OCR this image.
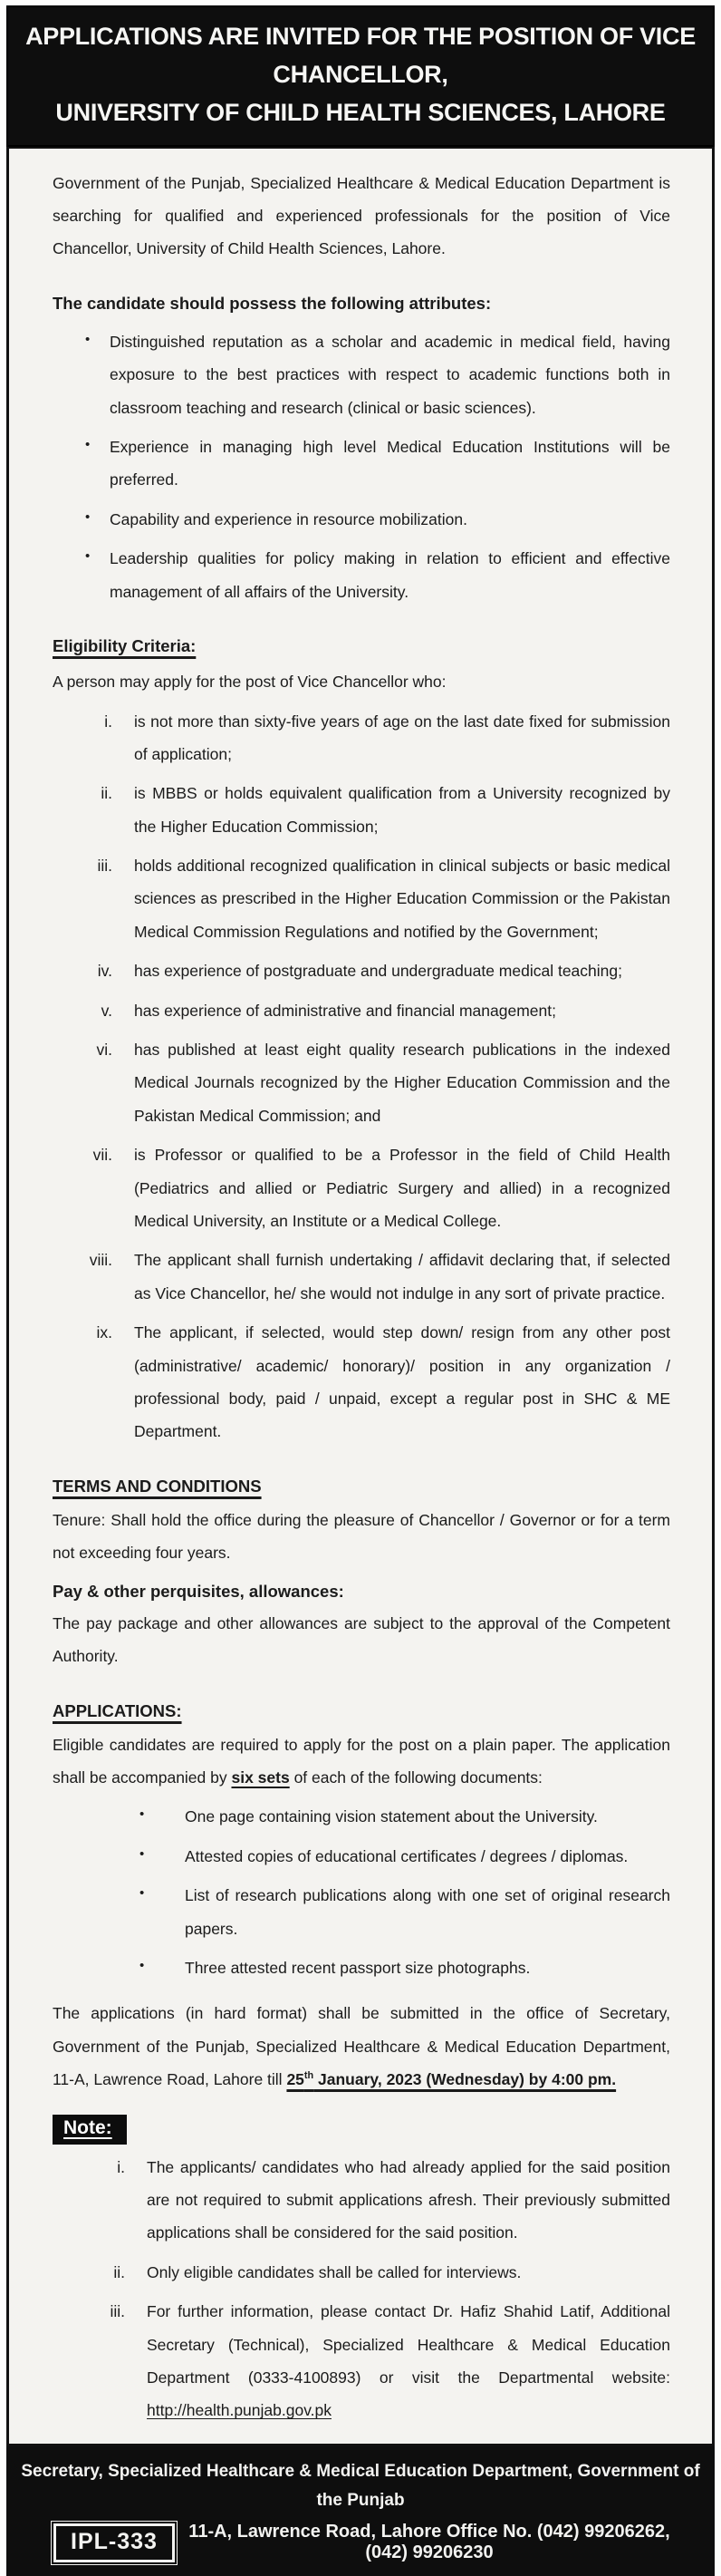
APPLICATIONS ARE INVITED FOR THE POSITION OF VICE CHANCELLOR,
UNIVERSITY OF CHILD HEALTH SCIENCES, LAHORE

Government of the Punjab, Specialized Healthcare & Medical Education Department is searching for qualified and experienced professionals for the position of Vice Chancellor, University of Child Health Sciences, Lahore.

The candidate should possess the following attributes:
•	Distinguished reputation as a scholar and academic in medical field, having exposure to the best practices with respect to academic functions both in classroom teaching and research (clinical or basic sciences).
•	Experience in managing high level Medical Education Institutions will be preferred.
•	Capability and experience in resource mobilization.
•	Leadership qualities for policy making in relation to efficient and effective management of all affairs of the University.
Eligibility Criteria:

A person may apply for the post of Vice Chancellor who:

i.	is not more than sixty-five years of age on the last date fixed for submission of application;
ii.	is MBBS or holds equivalent qualification from a University recognized by the Higher Education Commission;
iii.	holds additional recognized qualification in clinical subjects or basic medical sciences as prescribed in the Higher Education Commission or the Pakistan Medical Commission Regulations and notified by the Government;
iv.	has experience of postgraduate and undergraduate medical teaching;
v.	has experience of administrative and financial management;
vi.	has published at least eight quality research publications in the indexed Medical Journals recognized by the Higher Education Commission and the Pakistan Medical Commission; and
vii.	is Professor or qualified to be a Professor in the field of Child Health (Pediatrics and allied or Pediatric Surgery and allied) in a recognized Medical University, an Institute or a Medical College.
viii.	The applicant shall furnish undertaking / affidavit declaring that, if selected as Vice Chancellor, he/ she would not indulge in any sort of private practice.
ix.	The applicant, if selected, would step down/ resign from any other post (administrative/ academic/ honorary)/ position in any organization / professional body, paid / unpaid, except a regular post in SHC & ME Department.
TERMS AND CONDITIONS

Tenure: Shall hold the office during the pleasure of Chancellor / Governor or for a term not exceeding four years.

Pay & other perquisites, allowances:

The pay package and other allowances are subject to the approval of the Competent Authority.

APPLICATIONS:

Eligible candidates are required to apply for the post on a plain paper. The application shall be accompanied by six sets of each of the following documents:

•	One page containing vision statement about the University.
•	Attested copies of educational certificates / degrees / diplomas.
•	List of research publications along with one set of original research papers.
•	Three attested recent passport size photographs.

The applications (in hard format) shall be submitted in the office of Secretary, Government of the Punjab, Specialized Healthcare & Medical Education Department, 11-A, Lawrence Road, Lahore till 25th January, 2023 (Wednesday) by 4:00 pm.

Note:
i.	The applicants/ candidates who had already applied for the said position are not required to submit applications afresh. Their previously submitted applications shall be considered for the said position.
ii.	Only eligible candidates shall be called for interviews.
iii.	For further information, please contact Dr. Hafiz Shahid Latif, Additional Secretary (Technical), Specialized Healthcare & Medical Education Department (0333-4100893) or visit the Departmental website: http://health.punjab.gov.pk
Secretary, Specialized Healthcare & Medical Education Department, Government of the Punjab
IPL-333	11-A, Lawrence Road, Lahore Office No. (042) 99206262, (042) 99206230
